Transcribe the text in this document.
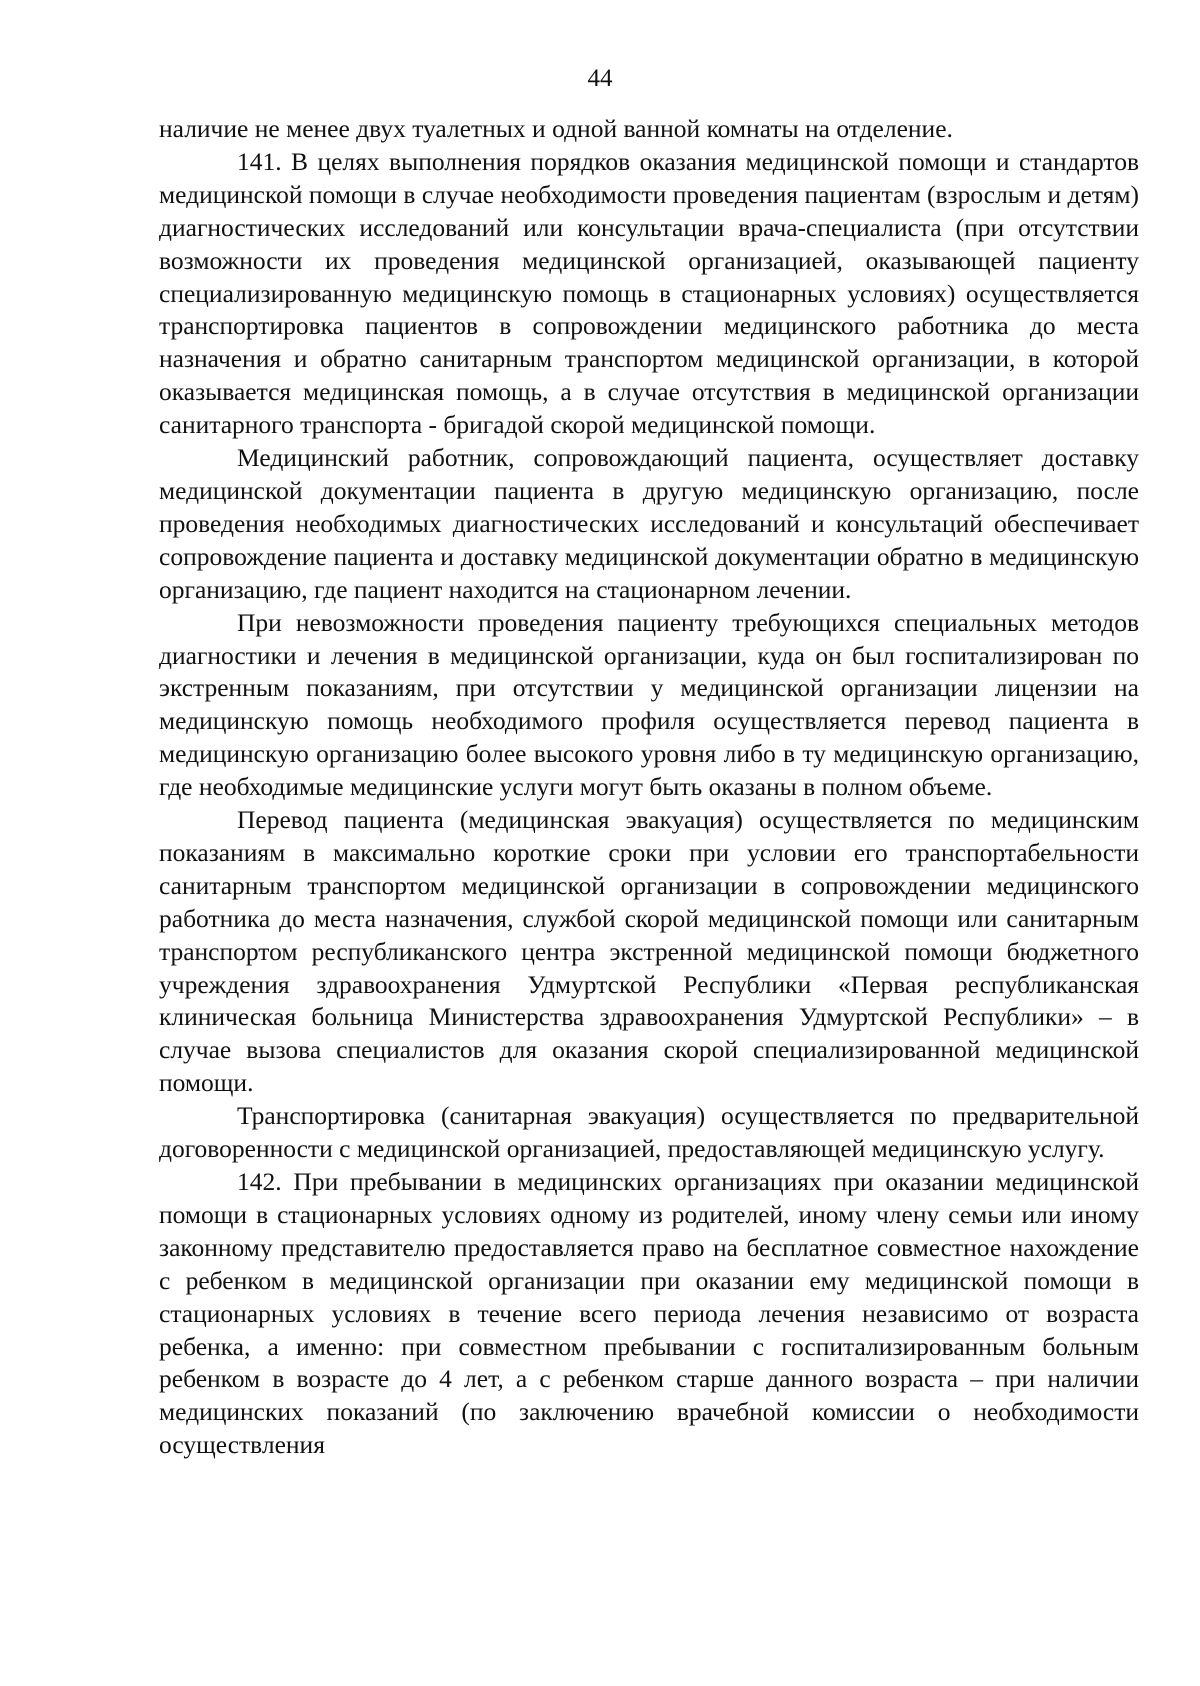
44

наличие не менее двух туалетных и одной ванной комнаты на отделение.

141. В целях выполнения порядков оказания медицинской помощи и стандартов медицинской помощи в случае необходимости проведения пациентам (взрослым и детям) диагностических исследований или консультации врача-специалиста (при отсутствии возможности их проведения медицинской организацией, оказывающей пациенту специализированную медицинскую помощь в стационарных условиях) осуществляется транспортировка пациентов в сопровождении медицинского работника до места назначения и обратно санитарным транспортом медицинской организации, в которой оказывается медицинская помощь, а в случае отсутствия в медицинской организации санитарного транспорта - бригадой скорой медицинской помощи.

Медицинский работник, сопровождающий пациента, осуществляет доставку медицинской документации пациента в другую медицинскую организацию, после проведения необходимых диагностических исследований и консультаций обеспечивает сопровождение пациента и доставку медицинской документации обратно в медицинскую организацию, где пациент находится на стационарном лечении.

При невозможности проведения пациенту требующихся специальных методов диагностики и лечения в медицинской организации, куда он был госпитализирован по экстренным показаниям, при отсутствии у медицинской организации лицензии на медицинскую помощь необходимого профиля осуществляется перевод пациента в медицинскую организацию более высокого уровня либо в ту медицинскую организацию, где необходимые медицинские услуги могут быть оказаны в полном объеме.

Перевод пациента (медицинская эвакуация) осуществляется по медицинским показаниям в максимально короткие сроки при условии его транспортабельности санитарным транспортом медицинской организации в сопровождении медицинского работника до места назначения, службой скорой медицинской помощи или санитарным транспортом республиканского центра экстренной медицинской помощи бюджетного учреждения здравоохранения Удмуртской Республики «Первая республиканская клиническая больница Министерства здравоохранения Удмуртской Республики» – в случае вызова специалистов для оказания скорой специализированной медицинской помощи.

Транспортировка (санитарная эвакуация) осуществляется по предварительной договоренности с медицинской организацией, предоставляющей медицинскую услугу.

142. При пребывании в медицинских организациях при оказании медицинской помощи в стационарных условиях одному из родителей, иному члену семьи или иному законному представителю предоставляется право на бесплатное совместное нахождение с ребенком в медицинской организации при оказании ему медицинской помощи в стационарных условиях в течение всего периода лечения независимо от возраста ребенка, а именно: при совместном пребывании с госпитализированным больным ребенком в возрасте до 4 лет, а с ребенком старше данного возраста – при наличии медицинских показаний (по заключению врачебной комиссии о необходимости осуществления
